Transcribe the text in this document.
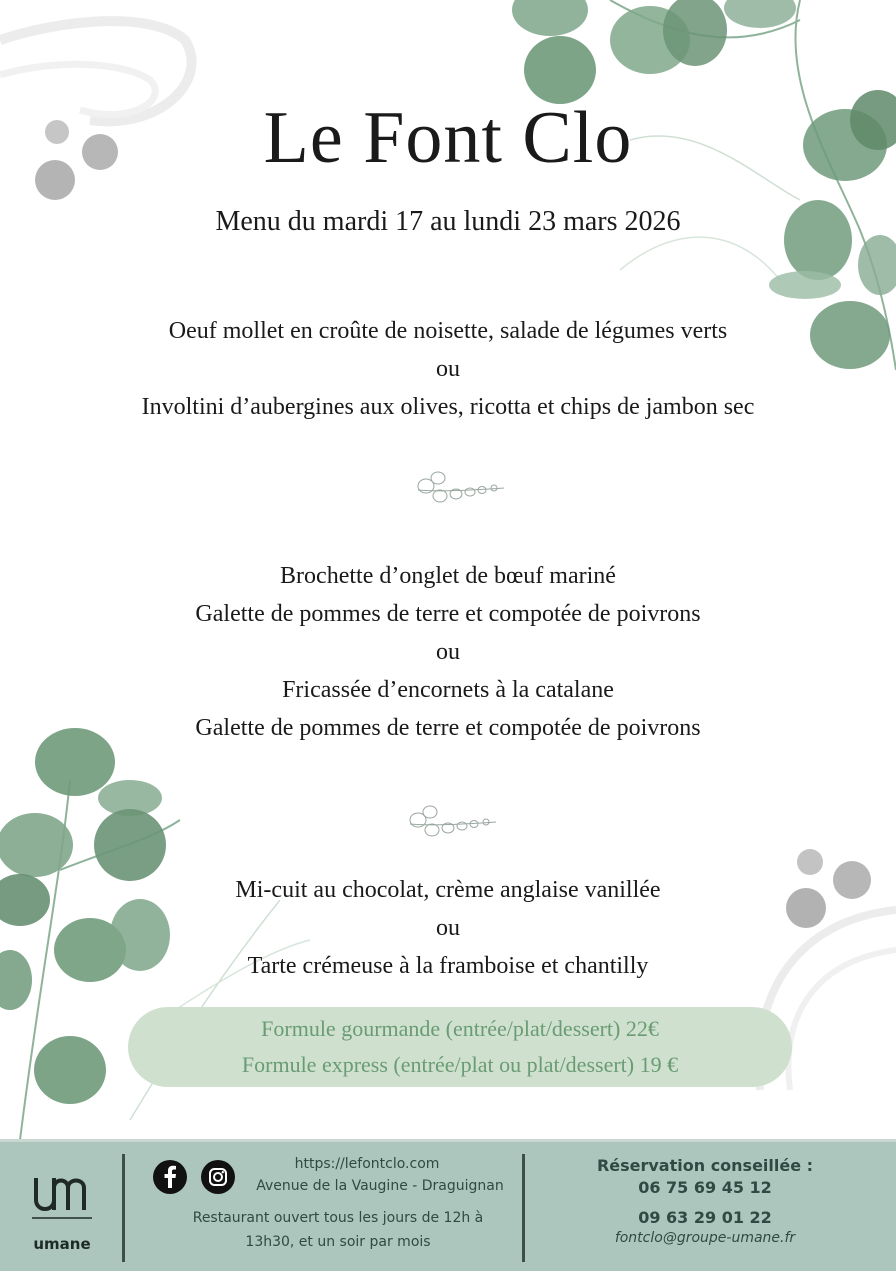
Le Font Clo
Menu du mardi 17 au lundi 23 mars 2026
Oeuf mollet en croûte de noisette, salade de légumes verts
ou
Involtini d’aubergines aux olives, ricotta et chips de jambon sec
Brochette d’onglet de bœuf mariné
Galette de pommes de terre et compotée de poivrons
ou
Fricassée d’encornets à la catalane
Galette de pommes de terre et compotée de poivrons
Mi-cuit au chocolat, crème anglaise vanillée
ou
Tarte crémeuse à la framboise et chantilly
Formule gourmande (entrée/plat/dessert) 22€
Formule express (entrée/plat ou plat/dessert) 19 €
umane
https://lefontclo.com
Avenue de la Vaugine - Draguignan
Restaurant ouvert tous les jours de 12h à
13h30, et un soir par mois
Réservation conseillée :
06 75 69 45 12
09 63 29 01 22
fontclo@groupe-umane.fr
